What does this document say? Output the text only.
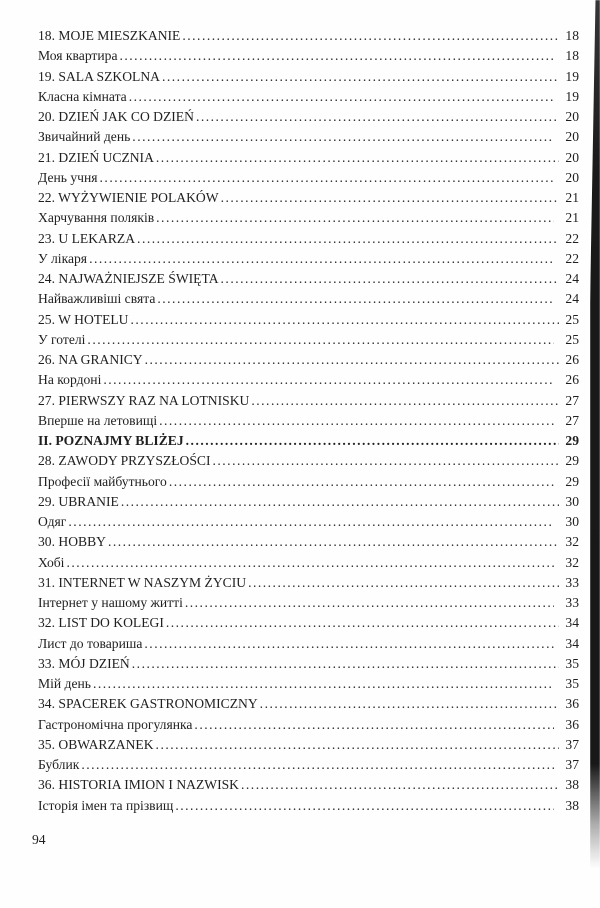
18. MOJE MIESZKANIE .....	18
Моя квартира .....	18
19. SALA SZKOLNA .....	19
Класна кімната .....	19
20. DZIEŃ JAK CO DZIEŃ .....	20
Звичайний день .....	20
21. DZIEŃ UCZNIA .....	20
День учня .....	20
22. WYŻYWIENIE POLAKÓW .....	21
Харчування поляків .....	21
23. U LEKARZA .....	22
У лікаря .....	22
24. NAJWAŻNIEJSZE ŚWIĘTA .....	24
Найважливіші свята .....	24
25. W HOTELU .....	25
У готелі .....	25
26. NA GRANICY .....	26
На кордоні .....	26
27. PIERWSZY RAZ NA LOTNISKU .....	27
Вперше на летовищі .....	27
II. POZNAJMY BLIŻEJ .....	29
28. ZAWODY PRZYSZŁOŚCI .....	29
Професії майбутнього .....	29
29. UBRANIE .....	30
Одяг .....	30
30. HOBBY .....	32
Хобі .....	32
31. INTERNET W NASZYM ŻYCIU .....	33
Інтернет у нашому житті .....	33
32. LIST DO KOLEGI .....	34
Лист до товариша .....	34
33. MÓJ DZIEŃ .....	35
Мій день .....	35
34. SPACEREK GASTRONOMICZNY .....	36
Гастрономічна прогулянка .....	36
35. OBWARZANEK .....	37
Бублик .....	37
36. HISTORIA IMION I NAZWISK .....	38
Історія імен та прізвищ .....	38
94
